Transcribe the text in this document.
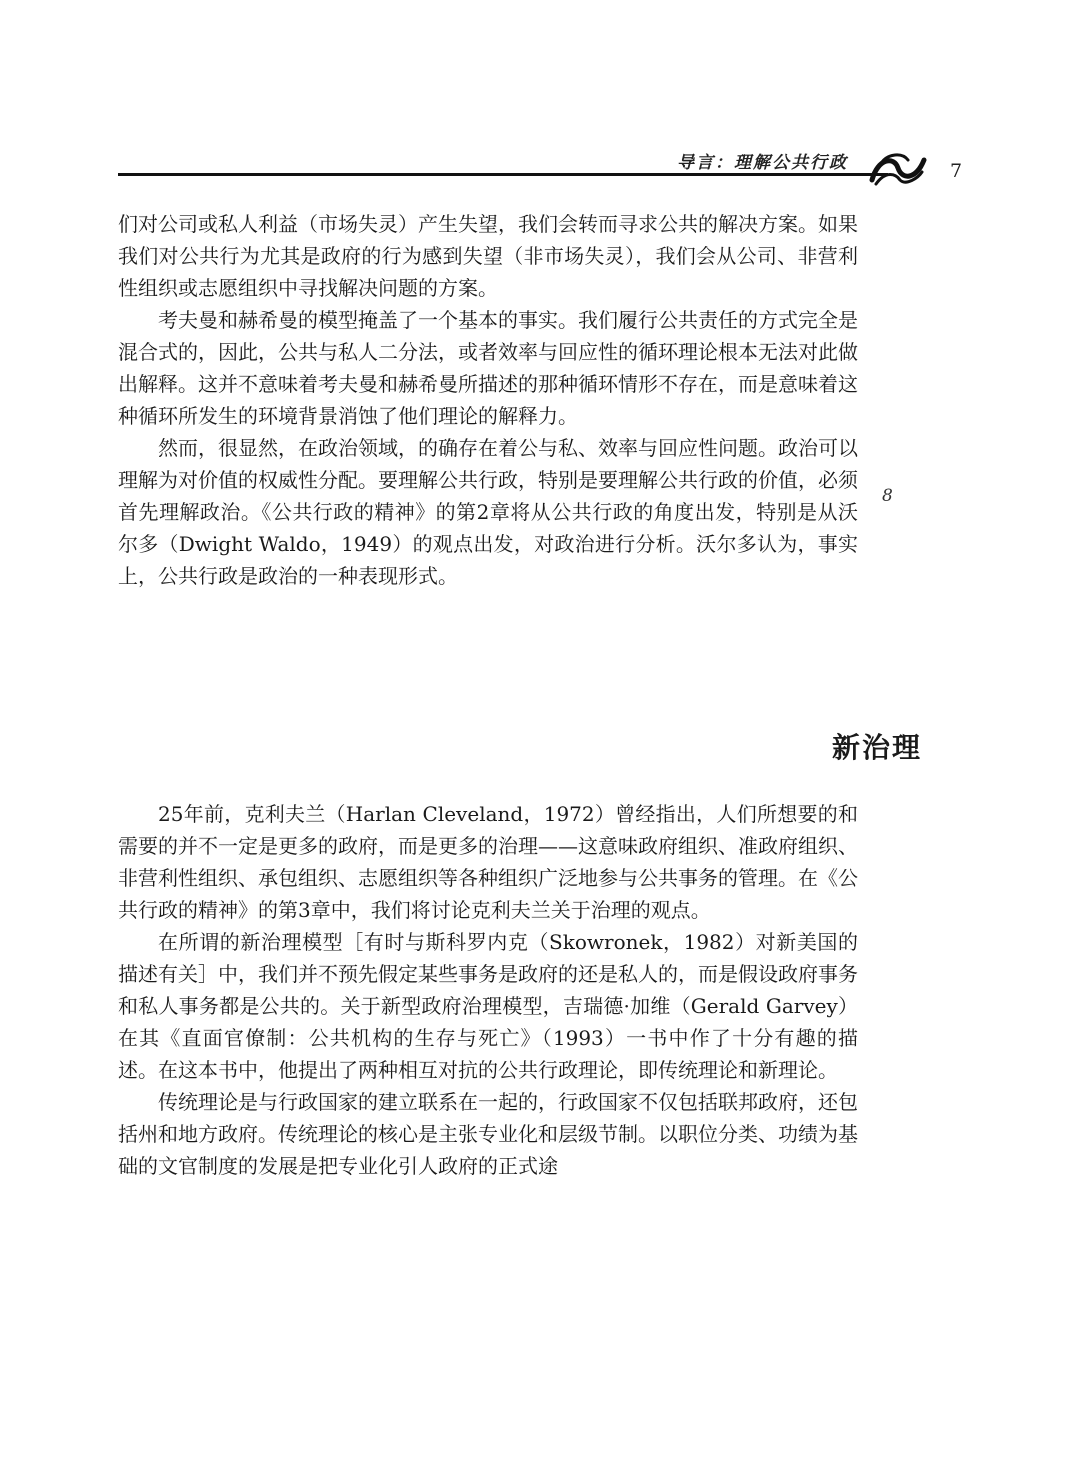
导言：理解公共行政	7

们对公司或私人利益（市场失灵）产生失望，我们会转而寻求公共的解决方案。如果我们对公共行为尤其是政府的行为感到失望（非市场失灵），我们会从公司、非营利性组织或志愿组织中寻找解决问题的方案。

考夫曼和赫希曼的模型掩盖了一个基本的事实。我们履行公共责任的方式完全是混合式的，因此，公共与私人二分法，或者效率与回应性的循环理论根本无法对此做出解释。这并不意味着考夫曼和赫希曼所描述的那种循环情形不存在，而是意味着这种循环所发生的环境背景消蚀了他们理论的解释力。

然而，很显然，在政治领域，的确存在着公与私、效率与回应性问题。政治可以理解为对价值的权威性分配。要理解公共行政，特别是要理解公共行政的价值，必须首先理解政治。《公共行政的精神》的第2章将从公共行政的角度出发，特别是从沃尔多（Dwight Waldo，1949）的观点出发，对政治进行分析。沃尔多认为，事实上，公共行政是政治的一种表现形式。

8
新治理

25年前，克利夫兰（Harlan Cleveland，1972）曾经指出，人们所想要的和需要的并不一定是更多的政府，而是更多的治理——这意味政府组织、准政府组织、非营利性组织、承包组织、志愿组织等各种组织广泛地参与公共事务的管理。在《公共行政的精神》的第3章中，我们将讨论克利夫兰关于治理的观点。

在所谓的新治理模型［有时与斯科罗内克（Skowronek，1982）对新美国的描述有关］中，我们并不预先假定某些事务是政府的还是私人的，而是假设政府事务和私人事务都是公共的。关于新型政府治理模型，吉瑞德·加维（Gerald Garvey）在其《直面官僚制：公共机构的生存与死亡》（1993）一书中作了十分有趣的描述。在这本书中，他提出了两种相互对抗的公共行政理论，即传统理论和新理论。

传统理论是与行政国家的建立联系在一起的，行政国家不仅包括联邦政府，还包括州和地方政府。传统理论的核心是主张专业化和层级节制。以职位分类、功绩为基础的文官制度的发展是把专业化引人政府的正式途
